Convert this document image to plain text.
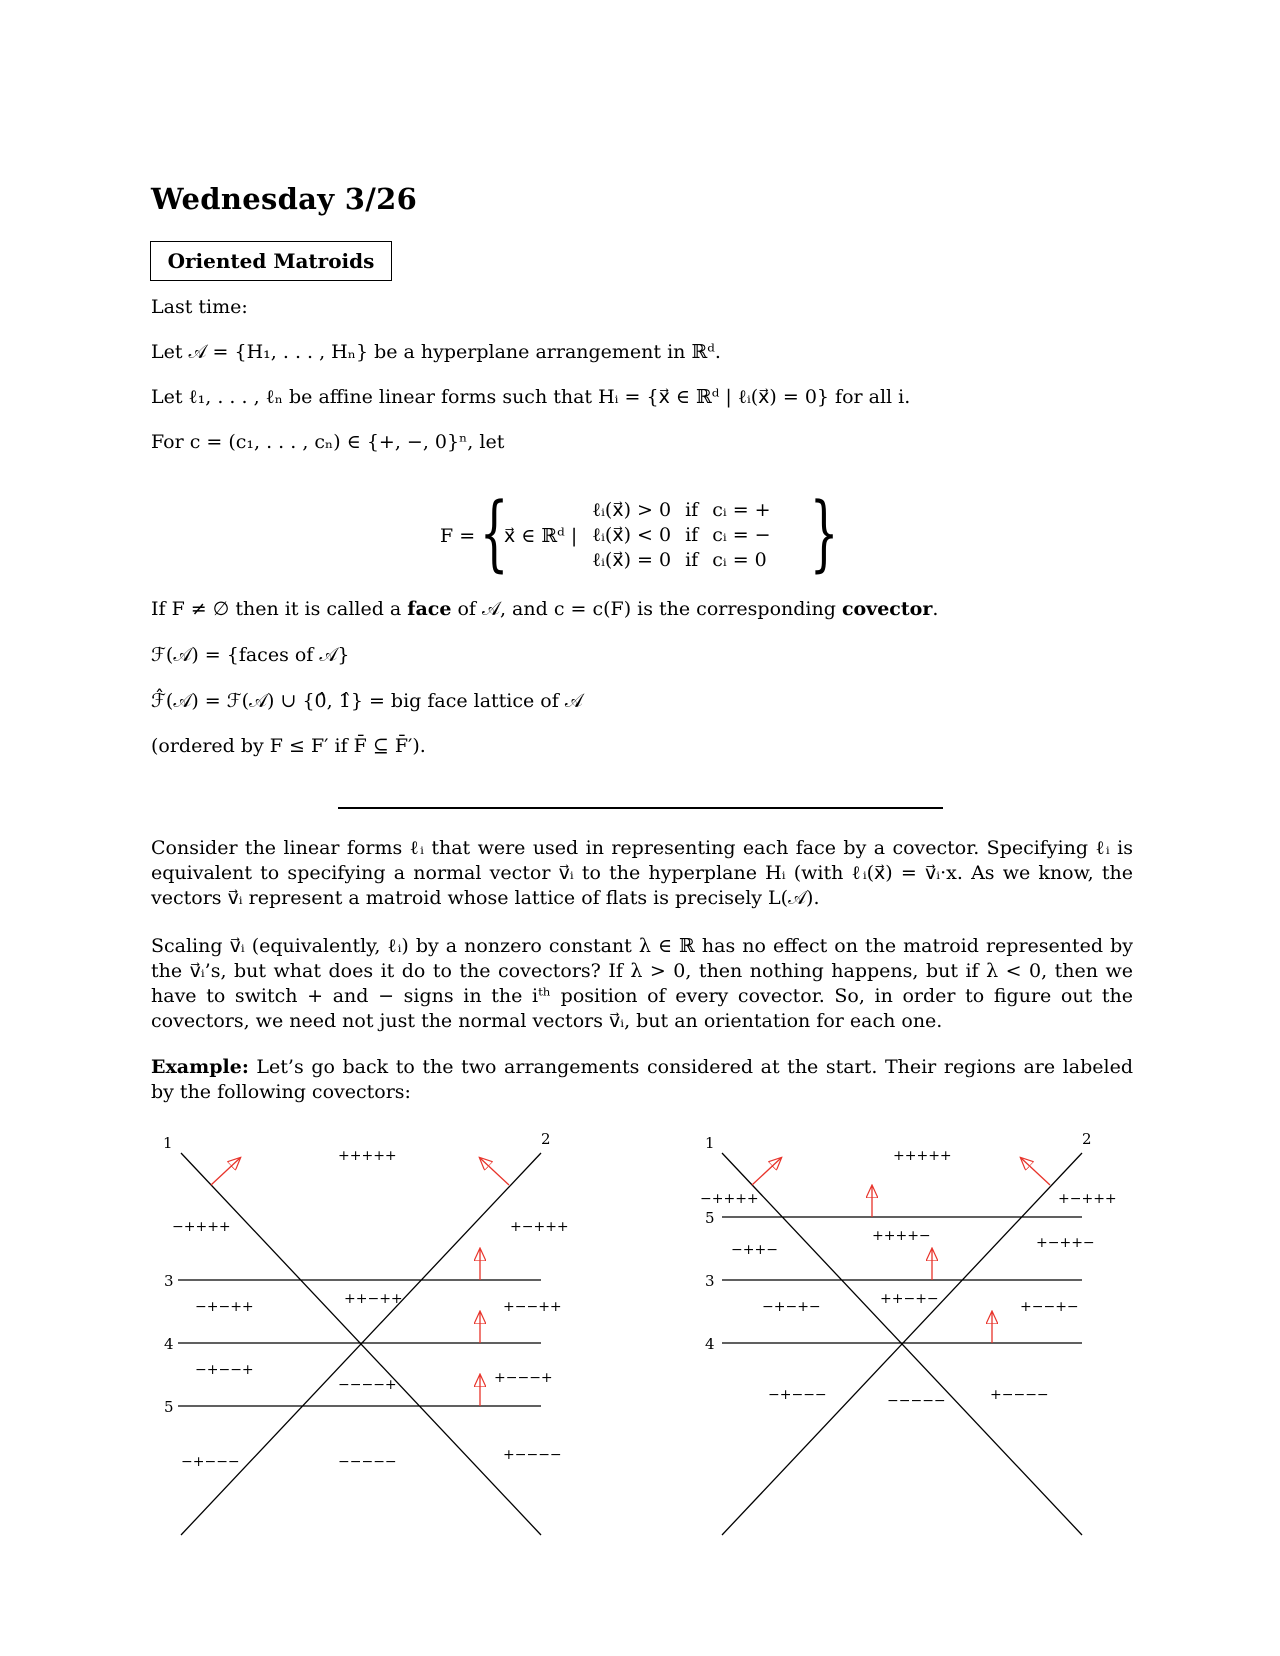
Wednesday 3/26
Oriented Matroids
Last time:
Let 𝒜 = {H₁, . . . , Hₙ} be a hyperplane arrangement in ℝᵈ.
Let ℓ₁, . . . , ℓₙ be affine linear forms such that Hᵢ = {x⃗ ∈ ℝᵈ | ℓᵢ(x⃗) = 0} for all i.
For c = (c₁, . . . , cₙ) ∈ {+, −, 0}ⁿ, let
F = {
x⃗ ∈ ℝᵈ |
ℓᵢ(x⃗) > 0	if	cᵢ = +
ℓᵢ(x⃗) < 0	if	cᵢ = −
ℓᵢ(x⃗) = 0	if	cᵢ = 0 }
If F ≠ ∅ then it is called a face of 𝒜, and c = c(F) is the corresponding covector.
ℱ(𝒜) = {faces of 𝒜}
ℱ̂(𝒜) = ℱ(𝒜) ∪ {0̂, 1̂} = big face lattice of 𝒜
(ordered by F ≤ F′ if F̄ ⊆ F̄′).
Consider the linear forms ℓᵢ that were used in representing each face by a covector. Specifying ℓᵢ is equivalent to specifying a normal vector v⃗ᵢ to the hyperplane Hᵢ (with ℓᵢ(x⃗) = v⃗ᵢ·x. As we know, the vectors v⃗ᵢ represent a matroid whose lattice of flats is precisely L(𝒜).
Scaling v⃗ᵢ (equivalently, ℓᵢ) by a nonzero constant λ ∈ ℝ has no effect on the matroid represented by the v⃗ᵢ’s, but what does it do to the covectors? If λ > 0, then nothing happens, but if λ < 0, then we have to switch + and − signs in the iᵗʰ position of every covector. So, in order to figure out the covectors, we need not just the normal vectors v⃗ᵢ, but an orientation for each one.
Example: Let’s go back to the two arrangements considered at the start. Their regions are labeled by the following covectors:
1	2
3
4
5
+++++
−++++	+−+++
−+−++	++−++	+−−++
−+−−+
−−−−+	+−−−+
−+−−−	−−−−−	+−−−−
1	2
5
3
4
+++++
−++++	+−+++
++++−
−++−	+−++−
−+−+−	++−+−	+−−+−
−+−−−	−−−−−	+−−−−
